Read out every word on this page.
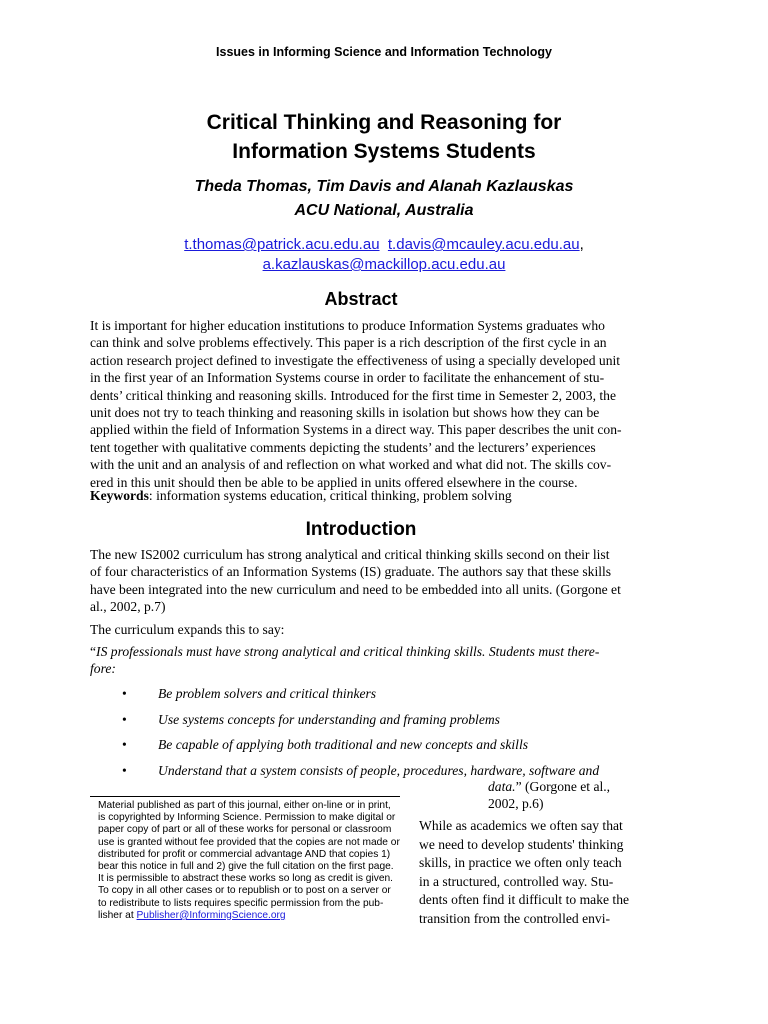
Issues in Informing Science and Information Technology
Critical Thinking and Reasoning for
Information Systems Students
Theda Thomas, Tim Davis and Alanah Kazlauskas
ACU National, Australia
t.thomas@patrick.acu.edu.au t.davis@mcauley.acu.edu.au,
a.kazlauskas@mackillop.acu.edu.au
Abstract
It is important for higher education institutions to produce Information Systems graduates who
can think and solve problems effectively. This paper is a rich description of the first cycle in an
action research project defined to investigate the effectiveness of using a specially developed unit
in the first year of an Information Systems course in order to facilitate the enhancement of stu-
dents’ critical thinking and reasoning skills. Introduced for the first time in Semester 2, 2003, the
unit does not try to teach thinking and reasoning skills in isolation but shows how they can be
applied within the field of Information Systems in a direct way. This paper describes the unit con-
tent together with qualitative comments depicting the students’ and the lecturers’ experiences
with the unit and an analysis of and reflection on what worked and what did not. The skills cov-
ered in this unit should then be able to be applied in units offered elsewhere in the course.
Keywords: information systems education, critical thinking, problem solving
Introduction
The new IS2002 curriculum has strong analytical and critical thinking skills second on their list
of four characteristics of an Information Systems (IS) graduate. The authors say that these skills
have been integrated into the new curriculum and need to be embedded into all units. (Gorgone et
al., 2002, p.7)
The curriculum expands this to say:
“IS professionals must have strong analytical and critical thinking skills. Students must there-
fore:
• Be problem solvers and critical thinkers
• Use systems concepts for understanding and framing problems
• Be capable of applying both traditional and new concepts and skills
• Understand that a system consists of people, procedures, hardware, software and
data.” (Gorgone et al.,
2002, p.6)
Material published as part of this journal, either on-line or in print,
is copyrighted by Informing Science. Permission to make digital or
paper copy of part or all of these works for personal or classroom
use is granted without fee provided that the copies are not made or
distributed for profit or commercial advantage AND that copies 1)
bear this notice in full and 2) give the full citation on the first page.
It is permissible to abstract these works so long as credit is given.
To copy in all other cases or to republish or to post on a server or
to redistribute to lists requires specific permission from the pub-
lisher at Publisher@InformingScience.org
While as academics we often say that
we need to develop students' thinking
skills, in practice we often only teach
in a structured, controlled way. Stu-
dents often find it difficult to make the
transition from the controlled envi-
